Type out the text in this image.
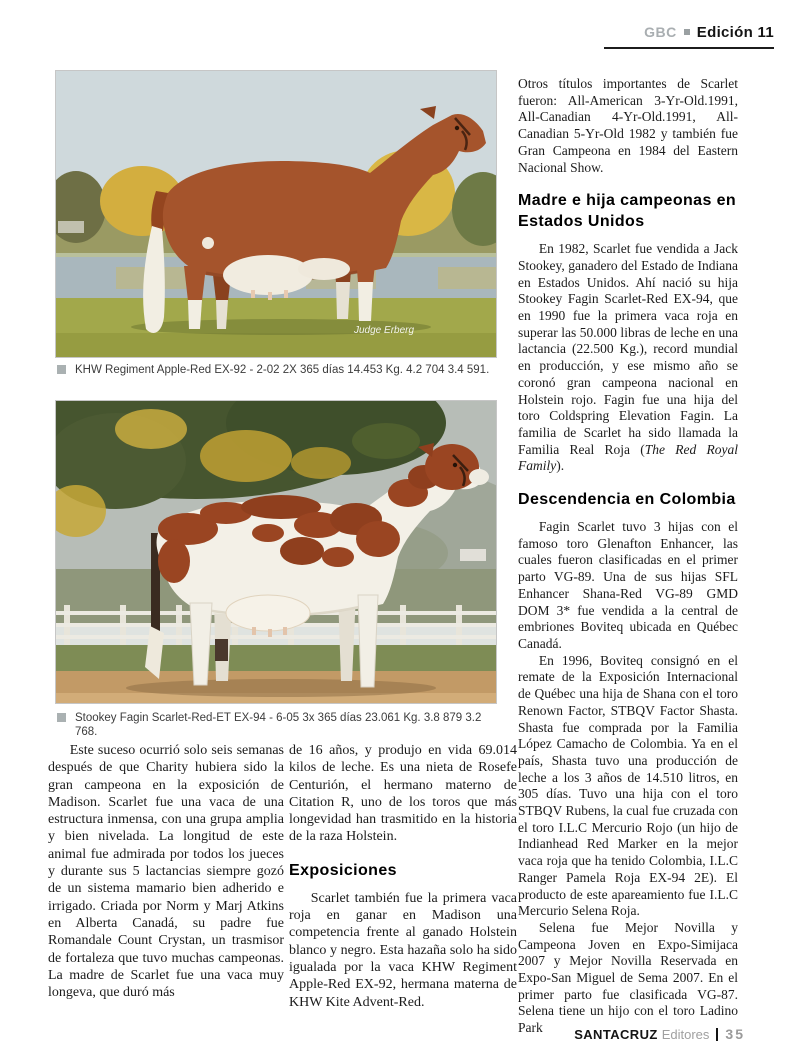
GBC Edición 11
Judge Erberg
KHW Regiment Apple-Red EX-92 - 2-02 2X 365 días 14.453 Kg. 4.2 704 3.4 591.
Stookey Fagin Scarlet-Red-ET EX-94 - 6-05 3x 365 días 23.061 Kg. 3.8 879 3.2 768.

Este suceso ocurrió solo seis semanas después de que Charity hubiera sido la gran campeona en la exposición de Madison. Scarlet fue una vaca de una estructura inmensa, con una grupa amplia y bien nivelada. La longitud de este animal fue admirada por todos los jueces y durante sus 5 lactancias siempre gozó de un sistema mamario bien adherido e irrigado. Criada por Norm y Marj Atkins en Alberta Canadá, su padre fue Romandale Count Crystan, un trasmisor de fortaleza que tuvo muchas campeonas. La madre de Scarlet fue una vaca muy longeva, que duró más

de 16 años, y produjo en vida 69.014 kilos de leche. Es una nieta de Rosefe Centurión, el hermano materno de Citation R, uno de los toros que más longevidad han trasmitido en la historia de la raza Holstein.

Exposiciones

Scarlet también fue la primera vaca roja en ganar en Madison una competencia frente al ganado Holstein blanco y negro. Esta hazaña solo ha sido igualada por la vaca KHW Regiment Apple-Red EX-92, hermana materna de KHW Kite Advent-Red.

Otros títulos importantes de Scarlet fueron: All-American 3-Yr-Old.1991, All-Canadian 4-Yr-Old.1991, All-Canadian 5-Yr-Old 1982 y también fue Gran Campeona en 1984 del Eastern Nacional Show.

Madre e hija campeonas en Estados Unidos

En 1982, Scarlet fue vendida a Jack Stookey, ganadero del Estado de Indiana en Estados Unidos. Ahí nació su hija Stookey Fagin Scarlet-Red EX-94, que en 1990 fue la primera vaca roja en superar las 50.000 libras de leche en una lactancia (22.500 Kg.), record mundial en producción, y ese mismo año se coronó gran campeona nacional en Holstein rojo. Fagin fue una hija del toro Coldspring Elevation Fagin. La familia de Scarlet ha sido llamada la Familia Real Roja (The Red Royal Family).

Descendencia en Colombia

Fagin Scarlet tuvo 3 hijas con el famoso toro Glenafton Enhancer, las cuales fueron clasificadas en el primer parto VG-89. Una de sus hijas SFL Enhancer Shana-Red VG-89 GMD DOM 3* fue vendida a la central de embriones Boviteq ubicada en Québec Canadá.

En 1996, Boviteq consignó en el remate de la Exposición Internacional de Québec una hija de Shana con el toro Renown Factor, STBQV Factor Shasta. Shasta fue comprada por la Familia López Camacho de Colombia. Ya en el país, Shasta tuvo una producción de leche a los 3 años de 14.510 litros, en 305 días. Tuvo una hija con el toro STBQV Rubens, la cual fue cruzada con el toro I.L.C Mercurio Rojo (un hijo de Indianhead Red Marker en la mejor vaca roja que ha tenido Colombia, I.L.C Ranger Pamela Roja EX-94 2E). El producto de este apareamiento fue I.L.C Mercurio Selena Roja.

Selena fue Mejor Novilla y Campeona Joven en Expo-Simijaca 2007 y Mejor Novilla Reservada en Expo-San Miguel de Sema 2007. En el primer parto fue clasificada VG-87. Selena tiene un hijo con el toro Ladino Park	SANTACRUZ Editores 35
